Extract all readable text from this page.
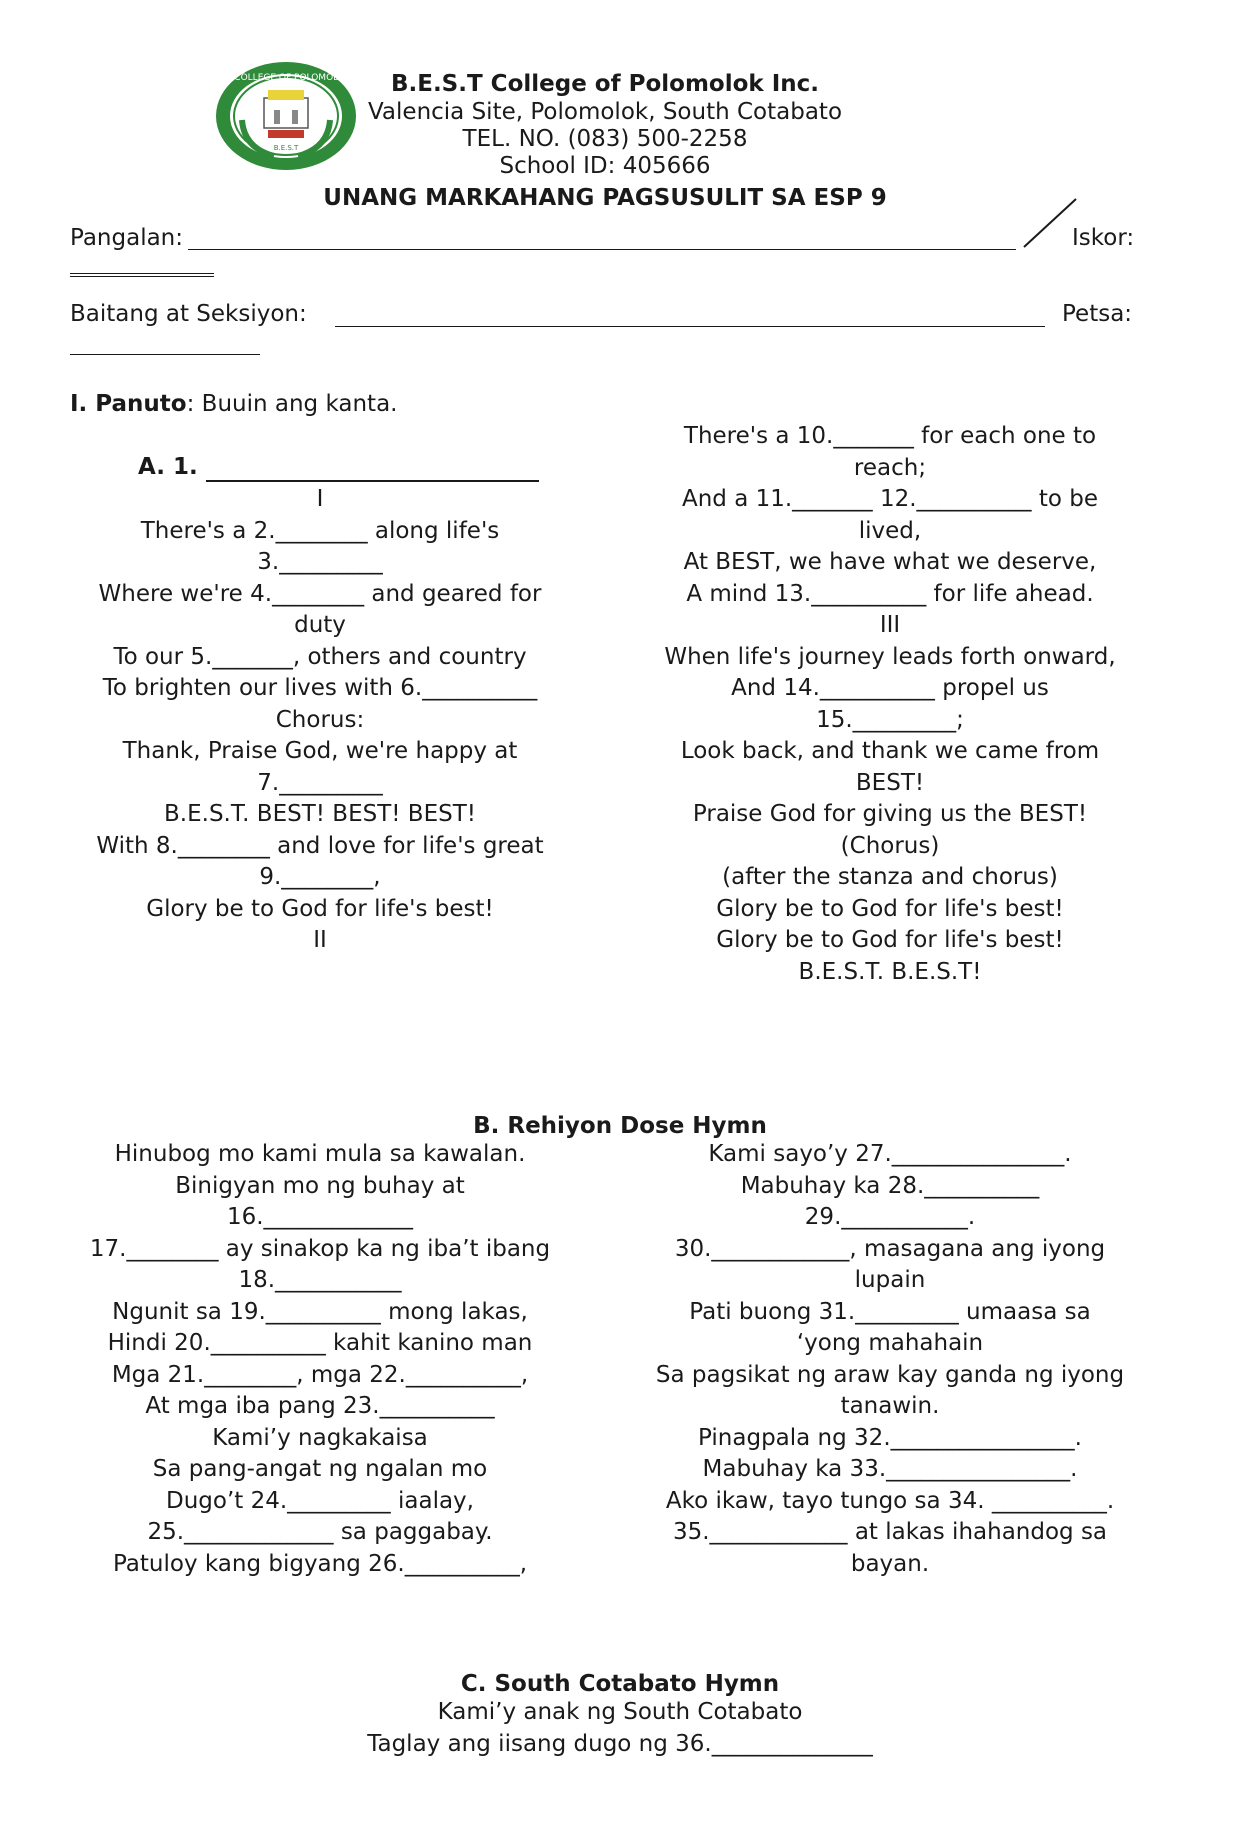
B.E.S.T COLLEGE OF POLOMOLOK INC.
B.E.S.T
B.E.S.T College of Polomolok Inc.
Valencia Site, Polomolok, South Cotabato
TEL. NO. (083) 500-2258
School ID: 405666
UNANG MARKAHANG PAGSUSULIT SA ESP 9
Pangalan:	Iskor:
Baitang at Seksiyon:	Petsa:
I. Panuto: Buuin ang kanta.
A. 1.
I
There's a 2.________ along life's
3._________
Where we're 4.________ and geared for
duty
To our 5._______, others and country
To brighten our lives with 6.__________
Chorus:
Thank, Praise God, we're happy at
7._________
B.E.S.T. BEST! BEST! BEST!
With 8.________ and love for life's great
9.________,
Glory be to God for life's best!
II
There's a 10._______ for each one to
reach;
And a 11._______ 12.__________ to be
lived,
At BEST, we have what we deserve,
A mind 13.__________ for life ahead.
III
When life's journey leads forth onward,
And 14.__________ propel us
15._________;
Look back, and thank we came from
BEST!
Praise God for giving us the BEST!
(Chorus)
(after the stanza and chorus)
Glory be to God for life's best!
Glory be to God for life's best!
B.E.S.T. B.E.S.T!
B. Rehiyon Dose Hymn
Hinubog mo kami mula sa kawalan.
Binigyan mo ng buhay at
16._____________
17.________ ay sinakop ka ng iba’t ibang
18.___________
Ngunit sa 19.__________ mong lakas,
Hindi 20.__________ kahit kanino man
Mga 21.________, mga 22.__________,
At mga iba pang 23.__________
Kami’y nagkakaisa
Sa pang-angat ng ngalan mo
Dugo’t 24._________ iaalay,
25._____________ sa paggabay.
Patuloy kang bigyang 26.__________,
Kami sayo’y 27._______________.
Mabuhay ka 28.__________
29.___________.
30.____________, masagana ang iyong
lupain
Pati buong 31._________ umaasa sa
‘yong mahahain
Sa pagsikat ng araw kay ganda ng iyong
tanawin.
Pinagpala ng 32.________________.
Mabuhay ka 33.________________.
Ako ikaw, tayo tungo sa 34. __________.
35.____________ at lakas ihahandog sa
bayan.
C. South Cotabato Hymn
Kami’y anak ng South Cotabato
Taglay ang iisang dugo ng 36.______________
